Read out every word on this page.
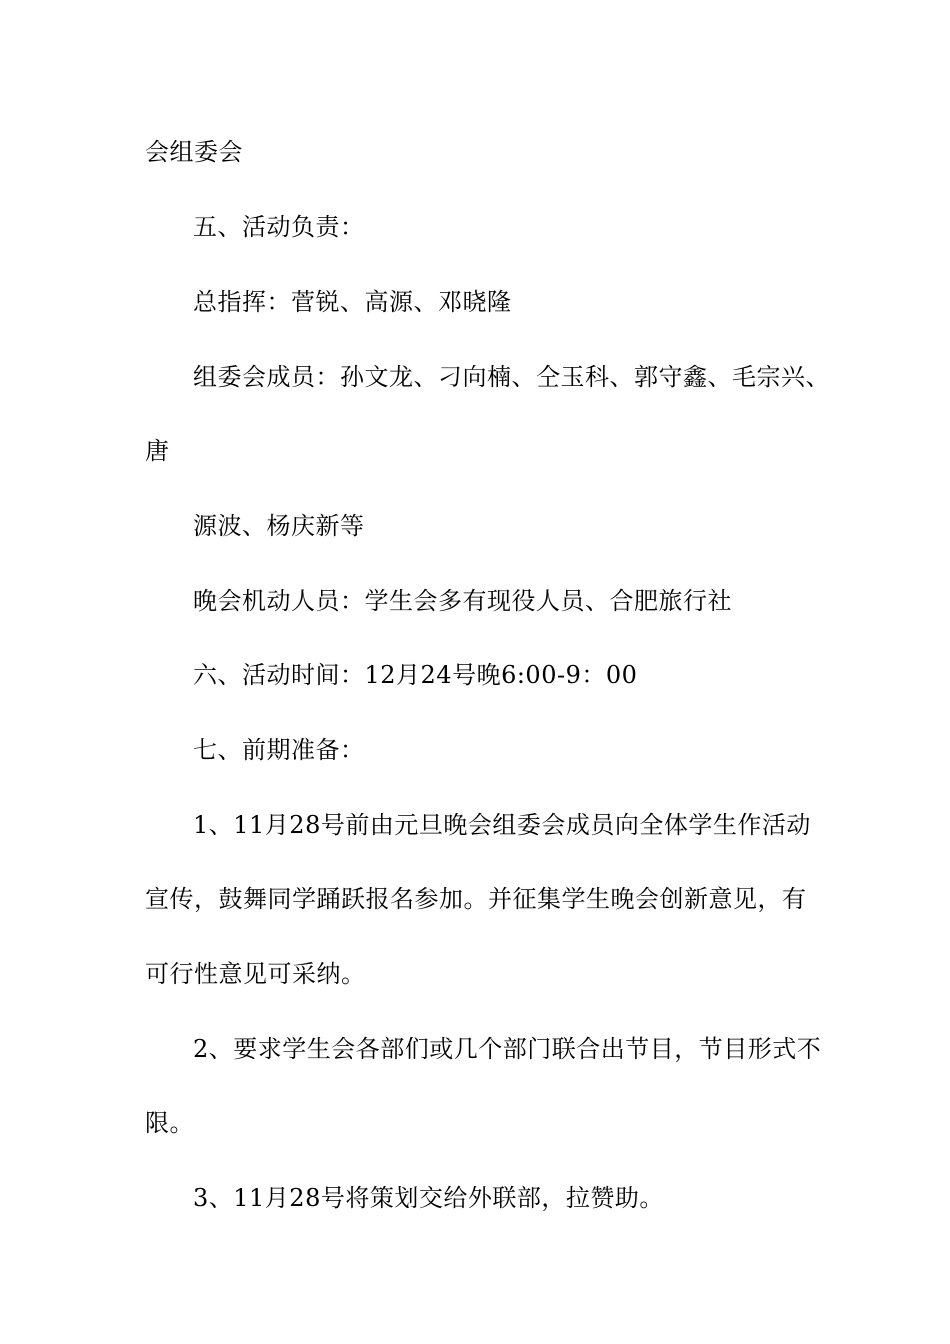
会组委会
五、活动负责：
总指挥：菅锐、高源、邓晓隆
组委会成员：孙文龙、刁向楠、仝玉科、郭守鑫、毛宗兴、
唐
源波、杨庆新等
晚会机动人员：学生会多有现役人员、合肥旅行社
六、活动时间：12月24号晚6:00-9：00
七、前期准备：
1、11月28号前由元旦晚会组委会成员向全体学生作活动
宣传，鼓舞同学踊跃报名参加。并征集学生晚会创新意见，有
可行性意见可采纳。
2、要求学生会各部们或几个部门联合出节目，节目形式不
限。
3、11月28号将策划交给外联部，拉赞助。
